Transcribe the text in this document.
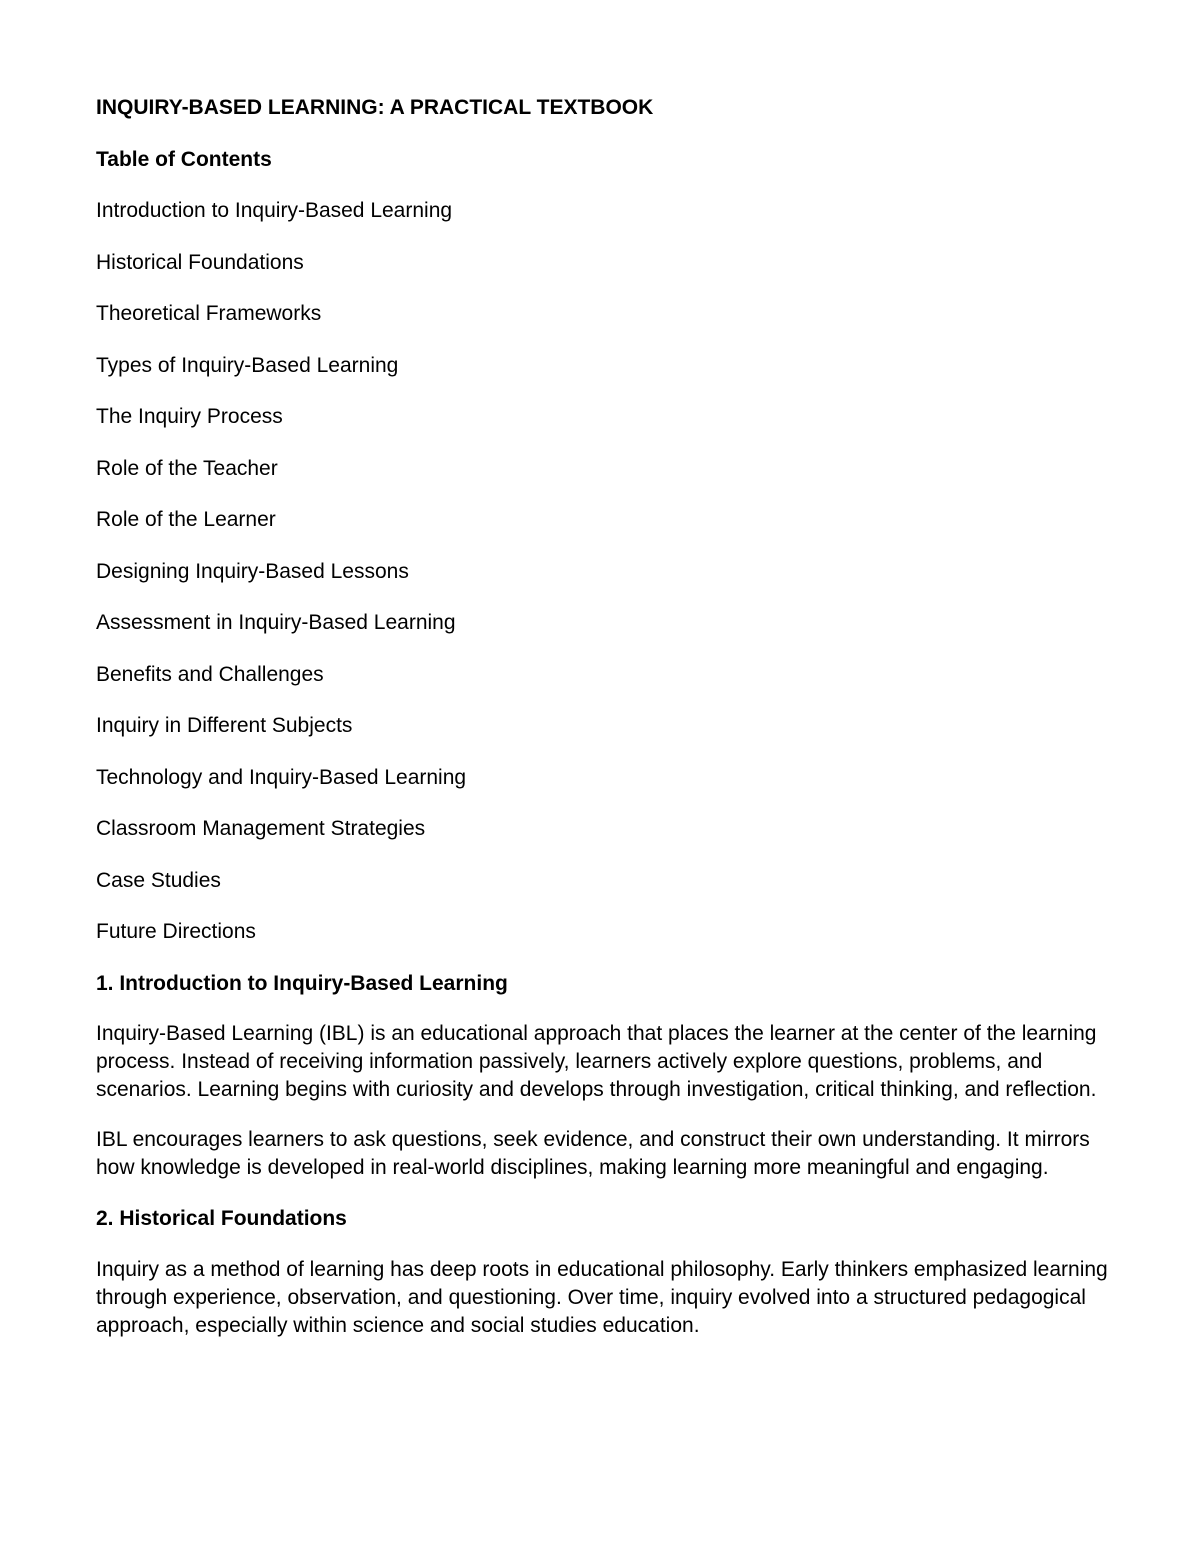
INQUIRY-BASED LEARNING: A PRACTICAL TEXTBOOK
Table of Contents
Introduction to Inquiry-Based Learning
Historical Foundations
Theoretical Frameworks
Types of Inquiry-Based Learning
The Inquiry Process
Role of the Teacher
Role of the Learner
Designing Inquiry-Based Lessons
Assessment in Inquiry-Based Learning
Benefits and Challenges
Inquiry in Different Subjects
Technology and Inquiry-Based Learning
Classroom Management Strategies
Case Studies
Future Directions
1. Introduction to Inquiry-Based Learning

Inquiry-Based Learning (IBL) is an educational approach that places the learner at the center of the learning process. Instead of receiving information passively, learners actively explore questions, problems, and scenarios. Learning begins with curiosity and develops through investigation, critical thinking, and reflection.

IBL encourages learners to ask questions, seek evidence, and construct their own understanding. It mirrors how knowledge is developed in real-world disciplines, making learning more meaningful and engaging.

2. Historical Foundations

Inquiry as a method of learning has deep roots in educational philosophy. Early thinkers emphasized learning through experience, observation, and questioning. Over time, inquiry evolved into a structured pedagogical approach, especially within science and social studies education.
